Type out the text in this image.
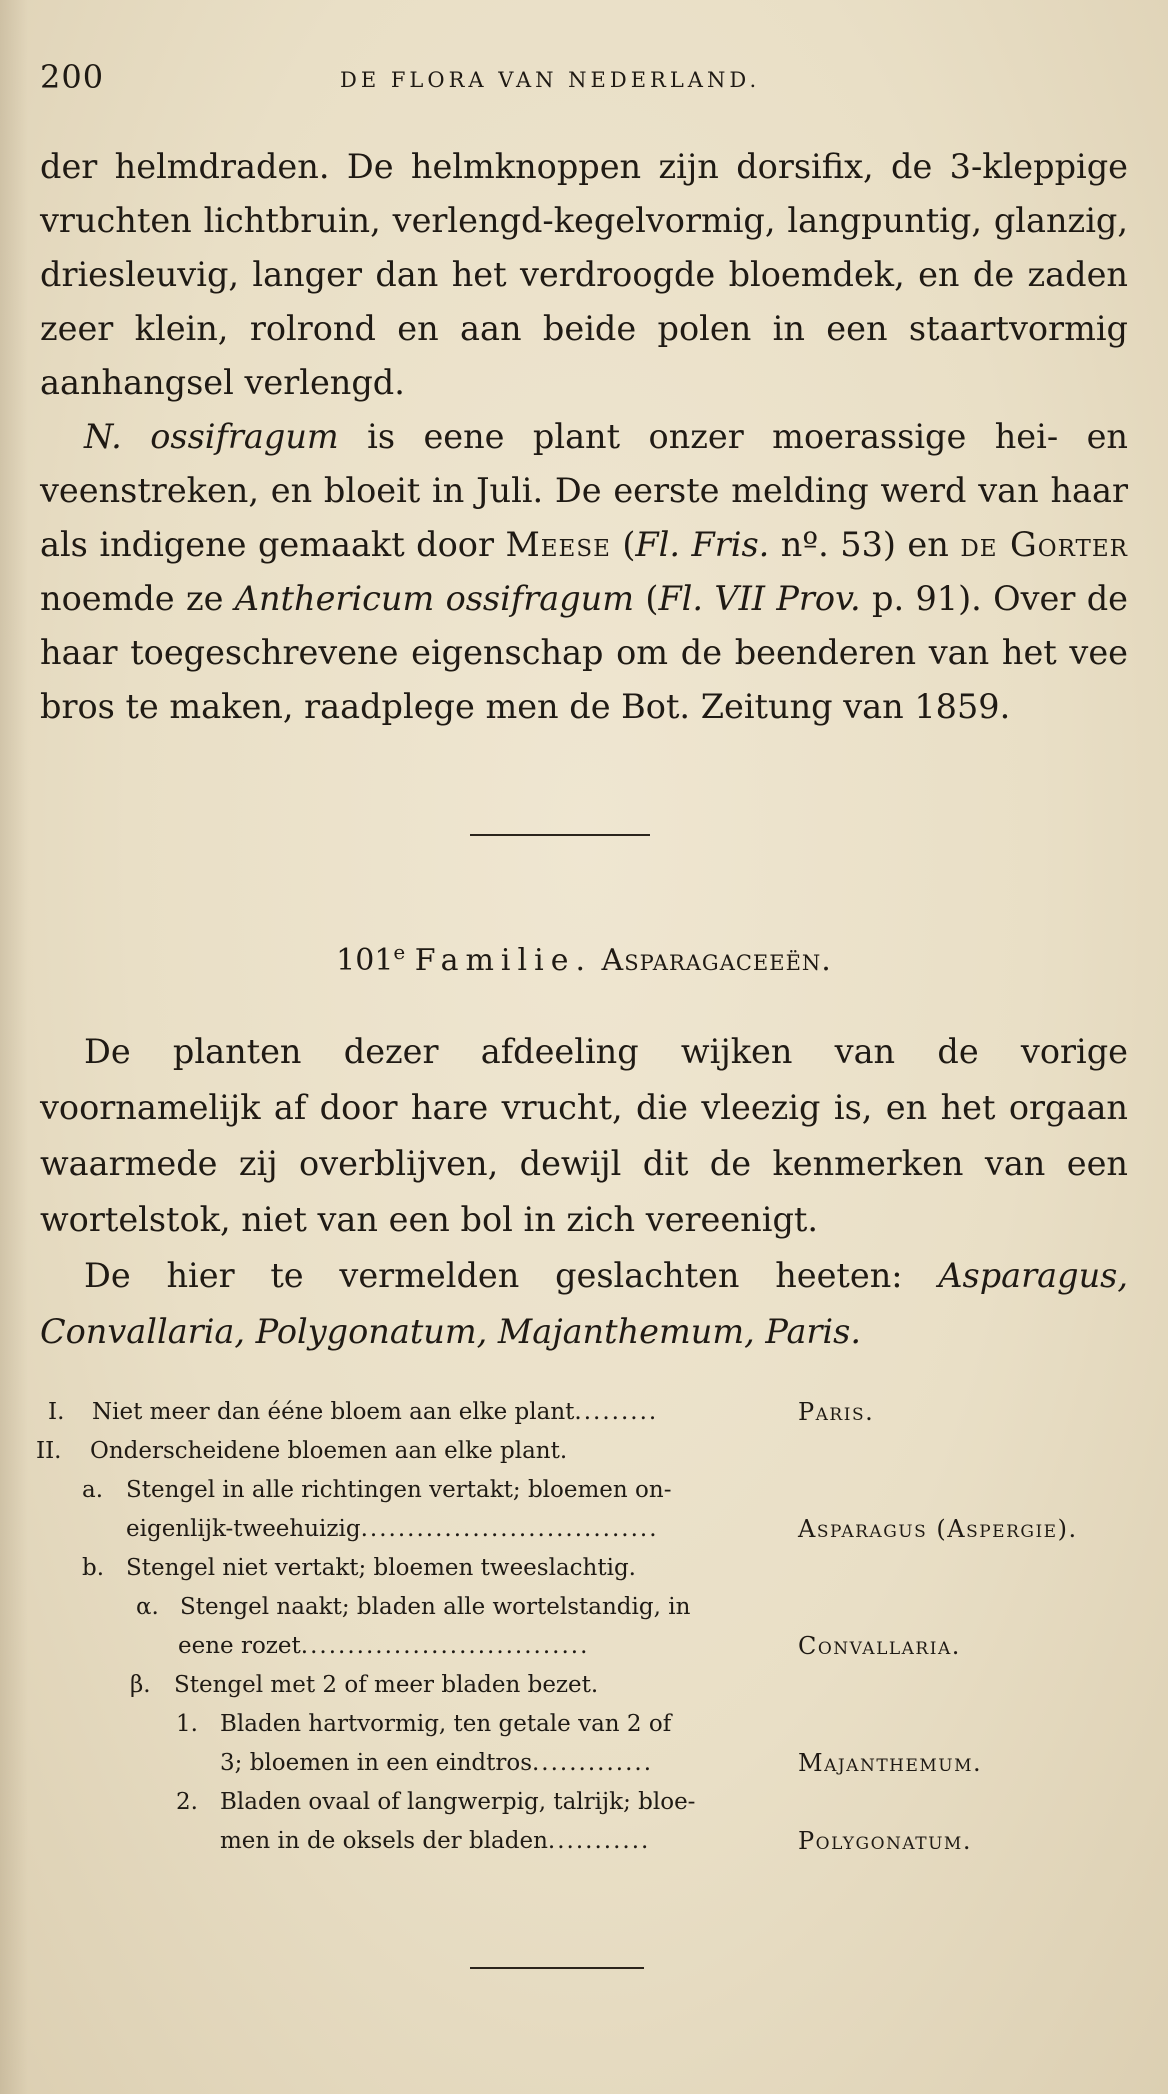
200	DE FLORA VAN NEDERLAND.
der helmdraden. De helmknoppen zijn dorsifix, de 3-kleppige vruchten lichtbruin, verlengd-kegelvormig, langpuntig, glanzig, driesleuvig, langer dan het verdroogde bloemdek, en de zaden zeer klein, rolrond en aan beide polen in een staartvormig aanhangsel verlengd.
N. ossifragum is eene plant onzer moerassige hei- en veenstreken, en bloeit in Juli. De eerste melding werd van haar als indigene gemaakt door Meese (Fl. Fris. nº. 53) en de Gorter noemde ze Anthericum ossifragum (Fl. VII Prov. p. 91). Over de haar toegeschrevene eigenschap om de beenderen van het vee bros te maken, raadplege men de Bot. Zeitung van 1859.
101e Familie. Asparagaceeën.
De planten dezer afdeeling wijken van de vorige voornamelijk af door hare vrucht, die vleezig is, en het orgaan waarmede zij overblijven, dewijl dit de kenmerken van een wortelstok, niet van een bol in zich vereenigt.
De hier te vermelden geslachten heeten: Asparagus, Convallaria, Polygonatum, Majanthemum, Paris.
I. Niet meer dan ééne bloem aan elke plant.........	Paris.
II. Onderscheidene bloemen aan elke plant.
a. Stengel in alle richtingen vertakt; bloemen on-
eigenlijk-tweehuizig................................	Asparagus (Aspergie).
b. Stengel niet vertakt; bloemen tweeslachtig.
α. Stengel naakt; bladen alle wortelstandig, in
eene rozet...............................	Convallaria.
β. Stengel met 2 of meer bladen bezet.
1. Bladen hartvormig, ten getale van 2 of
3; bloemen in een eindtros.............	Majanthemum.
2. Bladen ovaal of langwerpig, talrijk; bloe-
men in de oksels der bladen...........	Polygonatum.
